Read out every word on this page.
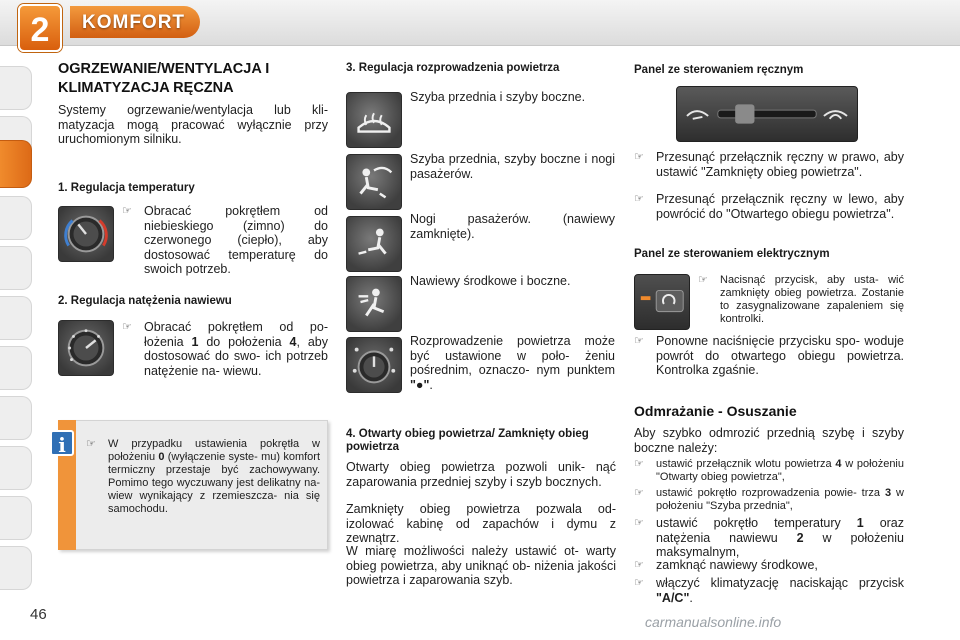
2	KOMFORT
46
OGRZEWANIE/WENTYLACJA I KLIMATYZACJA RĘCZNA
Systemy ogrzewanie/wentylacja lub kli- matyzacja mogą pracować wyłącznie przy uruchomionym silniku.
1. Regulacja temperatury
☞ Obracać pokrętłem od niebieskiego (zimno) do czerwonego (ciepło), aby dostosować temperaturę do swoich potrzeb.
2. Regulacja natężenia nawiewu
☞ Obracać pokrętłem od po- łożenia 1 do położenia 4, aby dostosować do swo- ich potrzeb natężenie na- wiewu.
i	☞	W przypadku ustawienia pokrętła w położeniu 0 (wyłączenie syste- mu) komfort termiczny przestaje być zachowywany. Pomimo tego wyczuwany jest delikatny na- wiew wynikający z rzemieszcza- nia się samochodu.
3. Regulacja rozprowadzenia powietrza
Szyba przednia i szyby boczne.
Szyba przednia, szyby boczne i nogi pasażerów.
Nogi pasażerów. (nawiewy zamknięte).
Nawiewy środkowe i boczne.
Rozprowadzenie powietrza może być ustawione w poło- żeniu pośrednim, oznaczo- nym punktem "●".
4. Otwarty obieg powietrza/ Zamknięty obieg powietrza
Otwarty obieg powietrza pozwoli unik- nąć zaparowania przedniej szyby i szyb bocznych.
Zamknięty obieg powietrza pozwala od- izolować kabinę od zapachów i dymu z zewnątrz.
W miarę możliwości należy ustawić ot- warty obieg powietrza, aby uniknąć ob- niżenia jakości powietrza i zaparowania szyb.
Panel ze sterowaniem ręcznym
☞ Przesunąć przełącznik ręczny w prawo, aby ustawić "Zamknięty obieg powietrza".
☞ Przesunąć przełącznik ręczny w lewo, aby powrócić do "Otwartego obiegu powietrza".
Panel ze sterowaniem elektrycznym
☞	Nacisnąć przycisk, aby usta- wić zamknięty obieg powietrza. Zostanie to zasygnalizowane zapaleniem się kontrolki.
☞ Ponowne naciśnięcie przycisku spo- woduje powrót do otwartego obiegu powietrza. Kontrolka zgaśnie.
Odmrażanie - Osuszanie
Aby szybko odmrozić przednią szybę i szyby boczne należy:
☞	ustawić przełącznik wlotu powietrza 4 w położeniu "Otwarty obieg powietrza",
☞	ustawić pokrętło rozprowadzenia powie- trza 3 w położeniu "Szyba przednia",
☞ ustawić pokrętło temperatury 1 oraz natężenia nawiewu 2 w położeniu maksymalnym,
☞ zamknąć nawiewy środkowe,
☞ włączyć klimatyzację naciskając przycisk "A/C".
carmanualsonline.info
